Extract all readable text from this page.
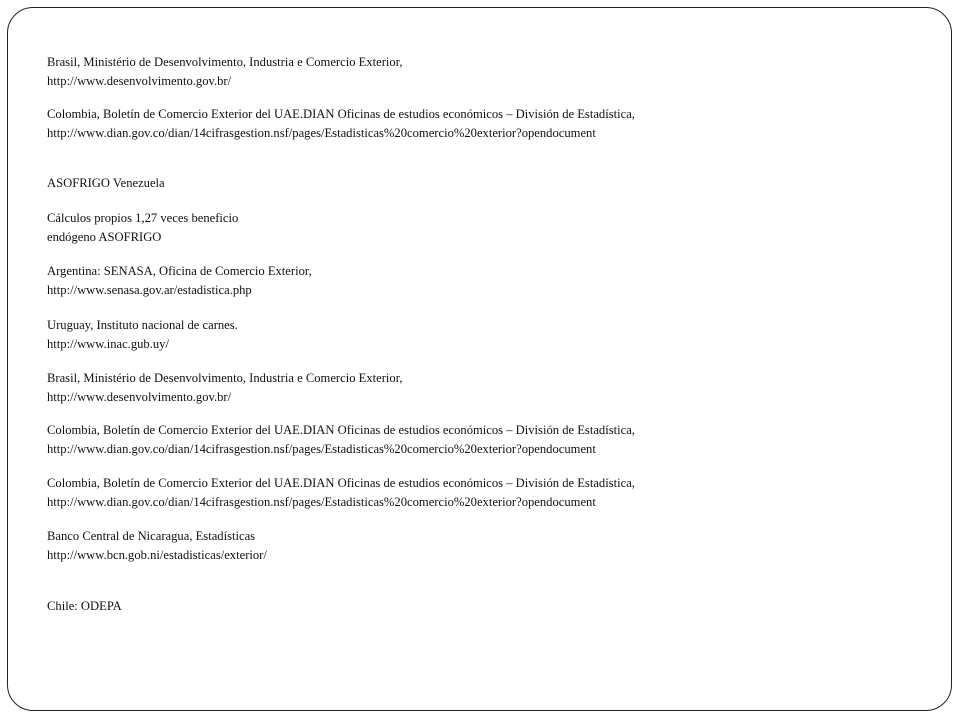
Brasil, Ministério de Desenvolvimento, Industria e Comercio Exterior,
http://www.desenvolvimento.gov.br/
Colombia, Boletín de Comercio Exterior del UAE.DIAN Oficinas de estudios económicos – División de Estadística,
http://www.dian.gov.co/dian/14cifrasgestion.nsf/pages/Estadisticas%20comercio%20exterior?opendocument
ASOFRIGO Venezuela
Cálculos propios 1,27 veces beneficio
endógeno ASOFRIGO
Argentina: SENASA, Oficina de Comercio Exterior,
http://www.senasa.gov.ar/estadistica.php
Uruguay, Instituto nacional de carnes.
http://www.inac.gub.uy/
Brasil, Ministério de Desenvolvimento, Industria e Comercio Exterior,
http://www.desenvolvimento.gov.br/
Colombia, Boletín de Comercio Exterior del UAE.DIAN Oficinas de estudios económicos – División de Estadística,
http://www.dian.gov.co/dian/14cifrasgestion.nsf/pages/Estadisticas%20comercio%20exterior?opendocument
Colombia, Boletín de Comercio Exterior del UAE.DIAN Oficinas de estudios económicos – División de Estadística,
http://www.dian.gov.co/dian/14cifrasgestion.nsf/pages/Estadisticas%20comercio%20exterior?opendocument
Banco Central de Nicaragua, Estadísticas
http://www.bcn.gob.ni/estadisticas/exterior/
Chile: ODEPA
